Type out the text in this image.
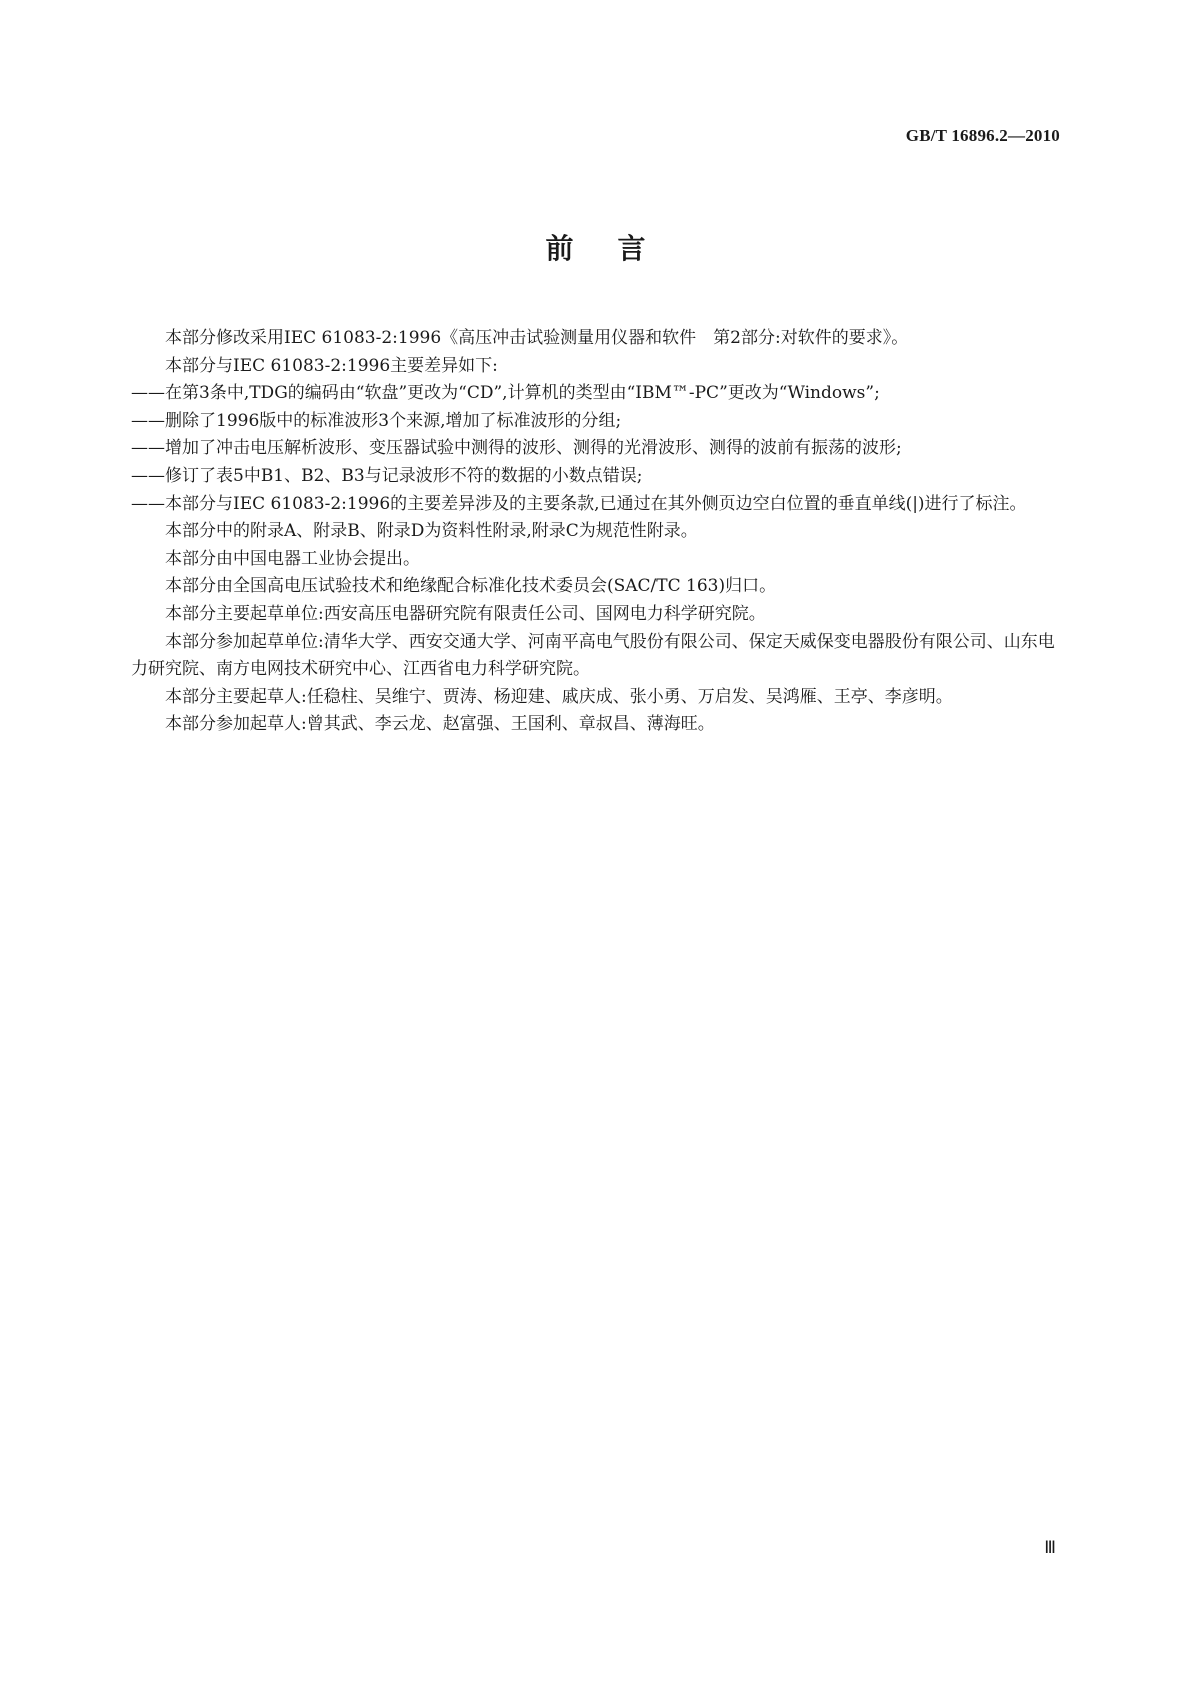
GB/T 16896.2—2010
前 言

本部分修改采用IEC 61083-2:1996《高压冲击试验测量用仪器和软件　第2部分:对软件的要求》。

本部分与IEC 61083-2:1996主要差异如下:

——在第3条中,TDG的编码由“软盘”更改为“CD”,计算机的类型由“IBM™-PC”更改为“Windows”;

——删除了1996版中的标准波形3个来源,增加了标准波形的分组;

——增加了冲击电压解析波形、变压器试验中测得的波形、测得的光滑波形、测得的波前有振荡的波形;

——修订了表5中B1、B2、B3与记录波形不符的数据的小数点错误;

——本部分与IEC 61083-2:1996的主要差异涉及的主要条款,已通过在其外侧页边空白位置的垂直单线(|)进行了标注。

本部分中的附录A、附录B、附录D为资料性附录,附录C为规范性附录。

本部分由中国电器工业协会提出。

本部分由全国高电压试验技术和绝缘配合标准化技术委员会(SAC/TC 163)归口。

本部分主要起草单位:西安高压电器研究院有限责任公司、国网电力科学研究院。

本部分参加起草单位:清华大学、西安交通大学、河南平高电气股份有限公司、保定天威保变电器股份有限公司、山东电力研究院、南方电网技术研究中心、江西省电力科学研究院。

本部分主要起草人:任稳柱、吴维宁、贾涛、杨迎建、戚庆成、张小勇、万启发、吴鸿雁、王亭、李彦明。

本部分参加起草人:曾其武、李云龙、赵富强、王国利、章叔昌、薄海旺。

Ⅲ
